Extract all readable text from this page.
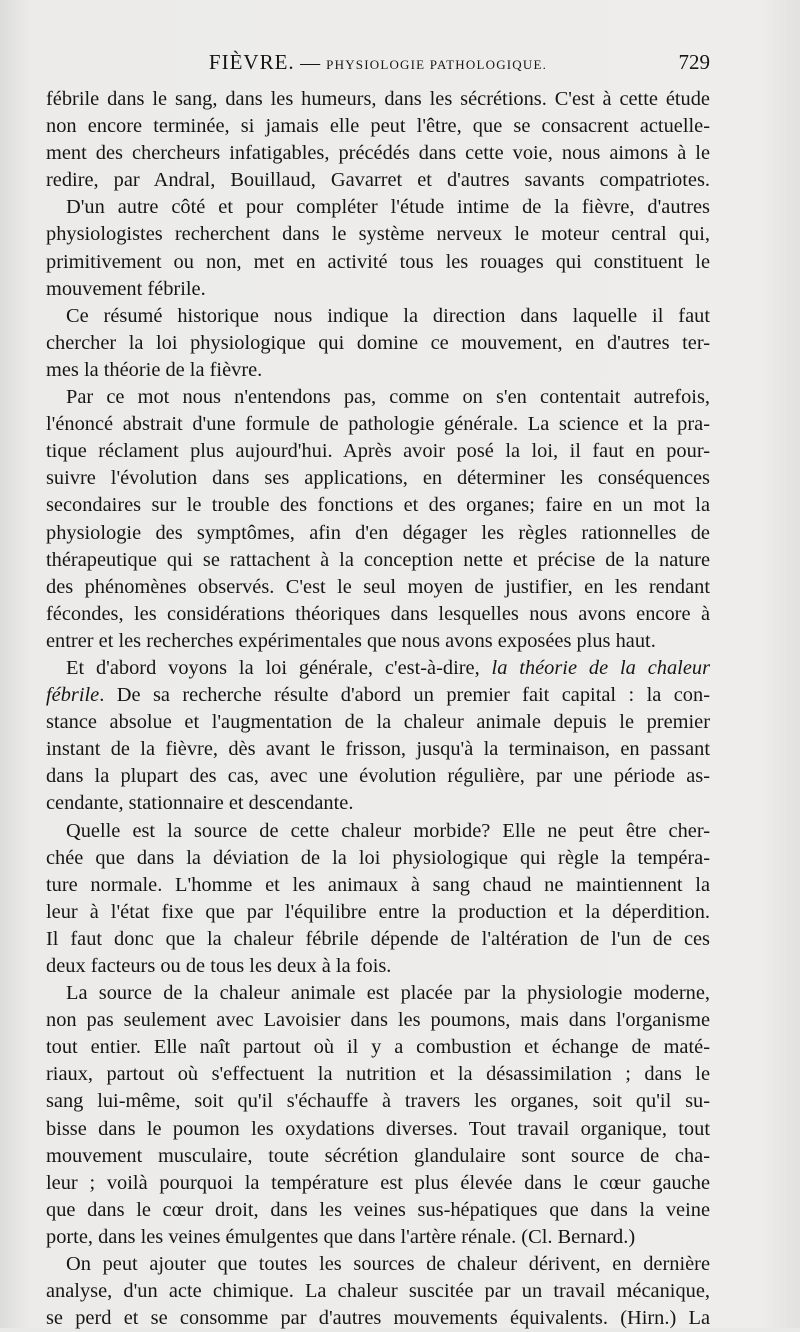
FIÈVRE. — PHYSIOLOGIE PATHOLOGIQUE.	729

fébrile dans le sang, dans les humeurs, dans les sécrétions. C'est à cette étude

non encore terminée, si jamais elle peut l'être, que se consacrent actuelle-

ment des chercheurs infatigables, précédés dans cette voie, nous aimons à le

redire, par Andral, Bouillaud, Gavarret et d'autres savants compatriotes.

D'un autre côté et pour compléter l'étude intime de la fièvre, d'autres

physiologistes recherchent dans le système nerveux le moteur central qui,

primitivement ou non, met en activité tous les rouages qui constituent le

mouvement fébrile.

Ce résumé historique nous indique la direction dans laquelle il faut

chercher la loi physiologique qui domine ce mouvement, en d'autres ter-

mes la théorie de la fièvre.

Par ce mot nous n'entendons pas, comme on s'en contentait autrefois,

l'énoncé abstrait d'une formule de pathologie générale. La science et la pra-

tique réclament plus aujourd'hui. Après avoir posé la loi, il faut en pour-

suivre l'évolution dans ses applications, en déterminer les conséquences

secondaires sur le trouble des fonctions et des organes; faire en un mot la

physiologie des symptômes, afin d'en dégager les règles rationnelles de

thérapeutique qui se rattachent à la conception nette et précise de la nature

des phénomènes observés. C'est le seul moyen de justifier, en les rendant

fécondes, les considérations théoriques dans lesquelles nous avons encore à

entrer et les recherches expérimentales que nous avons exposées plus haut.

Et d'abord voyons la loi générale, c'est-à-dire, la théorie de la chaleur

fébrile. De sa recherche résulte d'abord un premier fait capital : la con-

stance absolue et l'augmentation de la chaleur animale depuis le premier

instant de la fièvre, dès avant le frisson, jusqu'à la terminaison, en passant

dans la plupart des cas, avec une évolution régulière, par une période as-

cendante, stationnaire et descendante.

Quelle est la source de cette chaleur morbide? Elle ne peut être cher-

chée que dans la déviation de la loi physiologique qui règle la tempéra-

ture normale. L'homme et les animaux à sang chaud ne maintiennent la

leur à l'état fixe que par l'équilibre entre la production et la déperdition.

Il faut donc que la chaleur fébrile dépende de l'altération de l'un de ces

deux facteurs ou de tous les deux à la fois.

La source de la chaleur animale est placée par la physiologie moderne,

non pas seulement avec Lavoisier dans les poumons, mais dans l'organisme

tout entier. Elle naît partout où il y a combustion et échange de maté-

riaux, partout où s'effectuent la nutrition et la désassimilation ; dans le

sang lui-même, soit qu'il s'échauffe à travers les organes, soit qu'il su-

bisse dans le poumon les oxydations diverses. Tout travail organique, tout

mouvement musculaire, toute sécrétion glandulaire sont source de cha-

leur ; voilà pourquoi la température est plus élevée dans le cœur gauche

que dans le cœur droit, dans les veines sus-hépatiques que dans la veine

porte, dans les veines émulgentes que dans l'artère rénale. (Cl. Bernard.)

On peut ajouter que toutes les sources de chaleur dérivent, en dernière

analyse, d'un acte chimique. La chaleur suscitée par un travail mécanique,

se perd et se consomme par d'autres mouvements équivalents. (Hirn.) La
